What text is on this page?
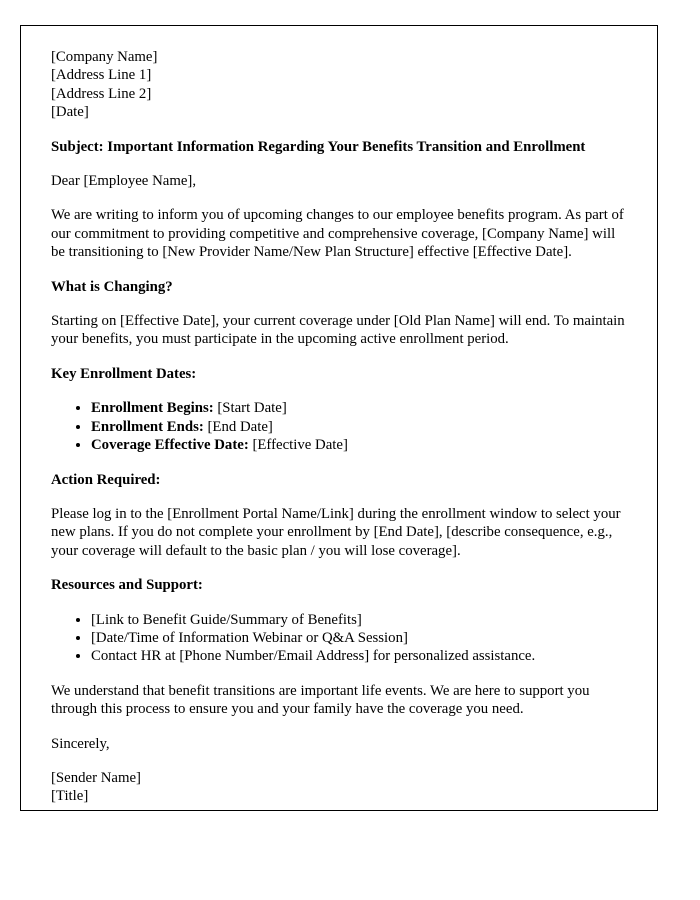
[Company Name]
[Address Line 1]
[Address Line 2]
[Date]

Subject: Important Information Regarding Your Benefits Transition and Enrollment

Dear [Employee Name],

We are writing to inform you of upcoming changes to our employee benefits program. As part of our commitment to providing competitive and comprehensive coverage, [Company Name] will be transitioning to [New Provider Name/New Plan Structure] effective [Effective Date].

What is Changing?

Starting on [Effective Date], your current coverage under [Old Plan Name] will end. To maintain your benefits, you must participate in the upcoming active enrollment period.

Key Enrollment Dates:
• Enrollment Begins: [Start Date]
• Enrollment Ends: [End Date]
• Coverage Effective Date: [Effective Date]
Action Required:

Please log in to the [Enrollment Portal Name/Link] during the enrollment window to select your new plans. If you do not complete your enrollment by [End Date], [describe consequence, e.g., your coverage will default to the basic plan / you will lose coverage].

Resources and Support:
• [Link to Benefit Guide/Summary of Benefits]
• [Date/Time of Information Webinar or Q&A Session]
• Contact HR at [Phone Number/Email Address] for personalized assistance.

We understand that benefit transitions are important life events. We are here to support you through this process to ensure you and your family have the coverage you need.

Sincerely,

[Sender Name]
[Title]
